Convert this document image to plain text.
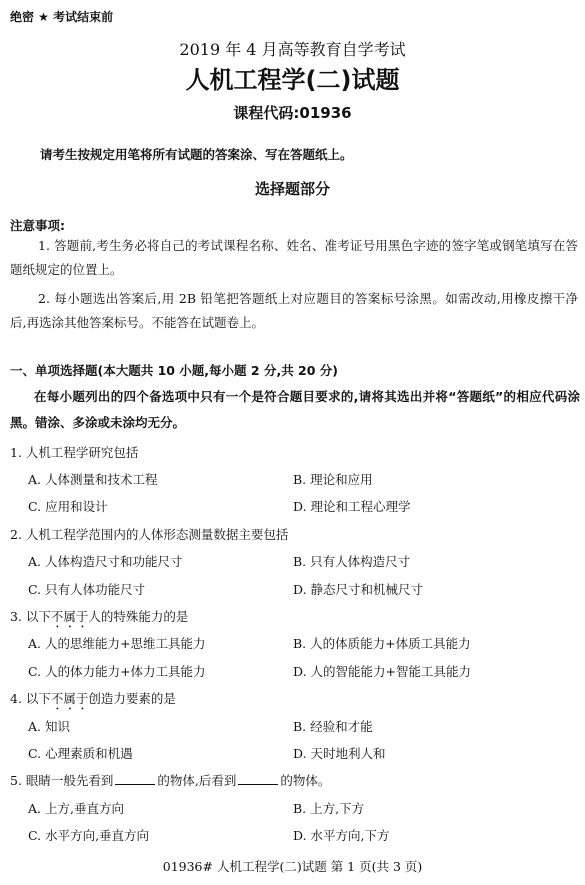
绝密 ★ 考试结束前
2019 年 4 月高等教育自学考试
人机工程学(二)试题
课程代码:01936
请考生按规定用笔将所有试题的答案涂、写在答题纸上。
选择题部分
注意事项:
1. 答题前,考生务必将自己的考试课程名称、姓名、准考证号用黑色字迹的签字笔或钢笔填写在答题纸规定的位置上。
2. 每小题选出答案后,用 2B 铅笔把答题纸上对应题目的答案标号涂黑。如需改动,用橡皮擦干净后,再选涂其他答案标号。不能答在试题卷上。
一、单项选择题(本大题共 10 小题,每小题 2 分,共 20 分)
在每小题列出的四个备选项中只有一个是符合题目要求的,请将其选出并将“答题纸”的相应代码涂黑。错涂、多涂或未涂均无分。
1. 人机工程学研究包括
A. 人体测量和技术工程	B. 理论和应用
C. 应用和设计	D. 理论和工程心理学
2. 人机工程学范围内的人体形态测量数据主要包括
A. 人体构造尺寸和功能尺寸	B. 只有人体构造尺寸
C. 只有人体功能尺寸	D. 静态尺寸和机械尺寸
3. 以下不属于人的特殊能力的是
A. 人的思维能力+思维工具能力	B. 人的体质能力+体质工具能力
C. 人的体力能力+体力工具能力	D. 人的智能能力+智能工具能力
4. 以下不属于创造力要素的是
A. 知识	B. 经验和才能
C. 心理素质和机遇	D. 天时地利人和
5. 眼睛一般先看到	的物体,后看到	的物体。
A. 上方,垂直方向	B. 上方,下方
C. 水平方向,垂直方向	D. 水平方向,下方
01936# 人机工程学(二)试题 第 1 页(共 3 页)
